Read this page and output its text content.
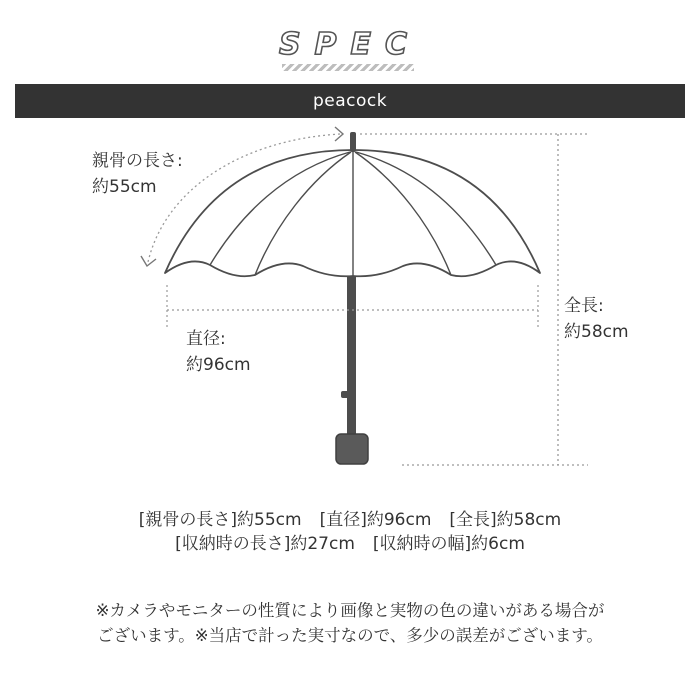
SPEC
peacock
親骨の長さ:
約55cm
直径:
約96cm
全長:
約58cm
[親骨の長さ]約55cm [直径]約96cm [全長]約58cm
[収納時の長さ]約27cm [収納時の幅]約6cm
※カメラやモニターの性質により画像と実物の色の違いがある場合が
ございます。※当店で計った実寸なので、多少の誤差がございます。
